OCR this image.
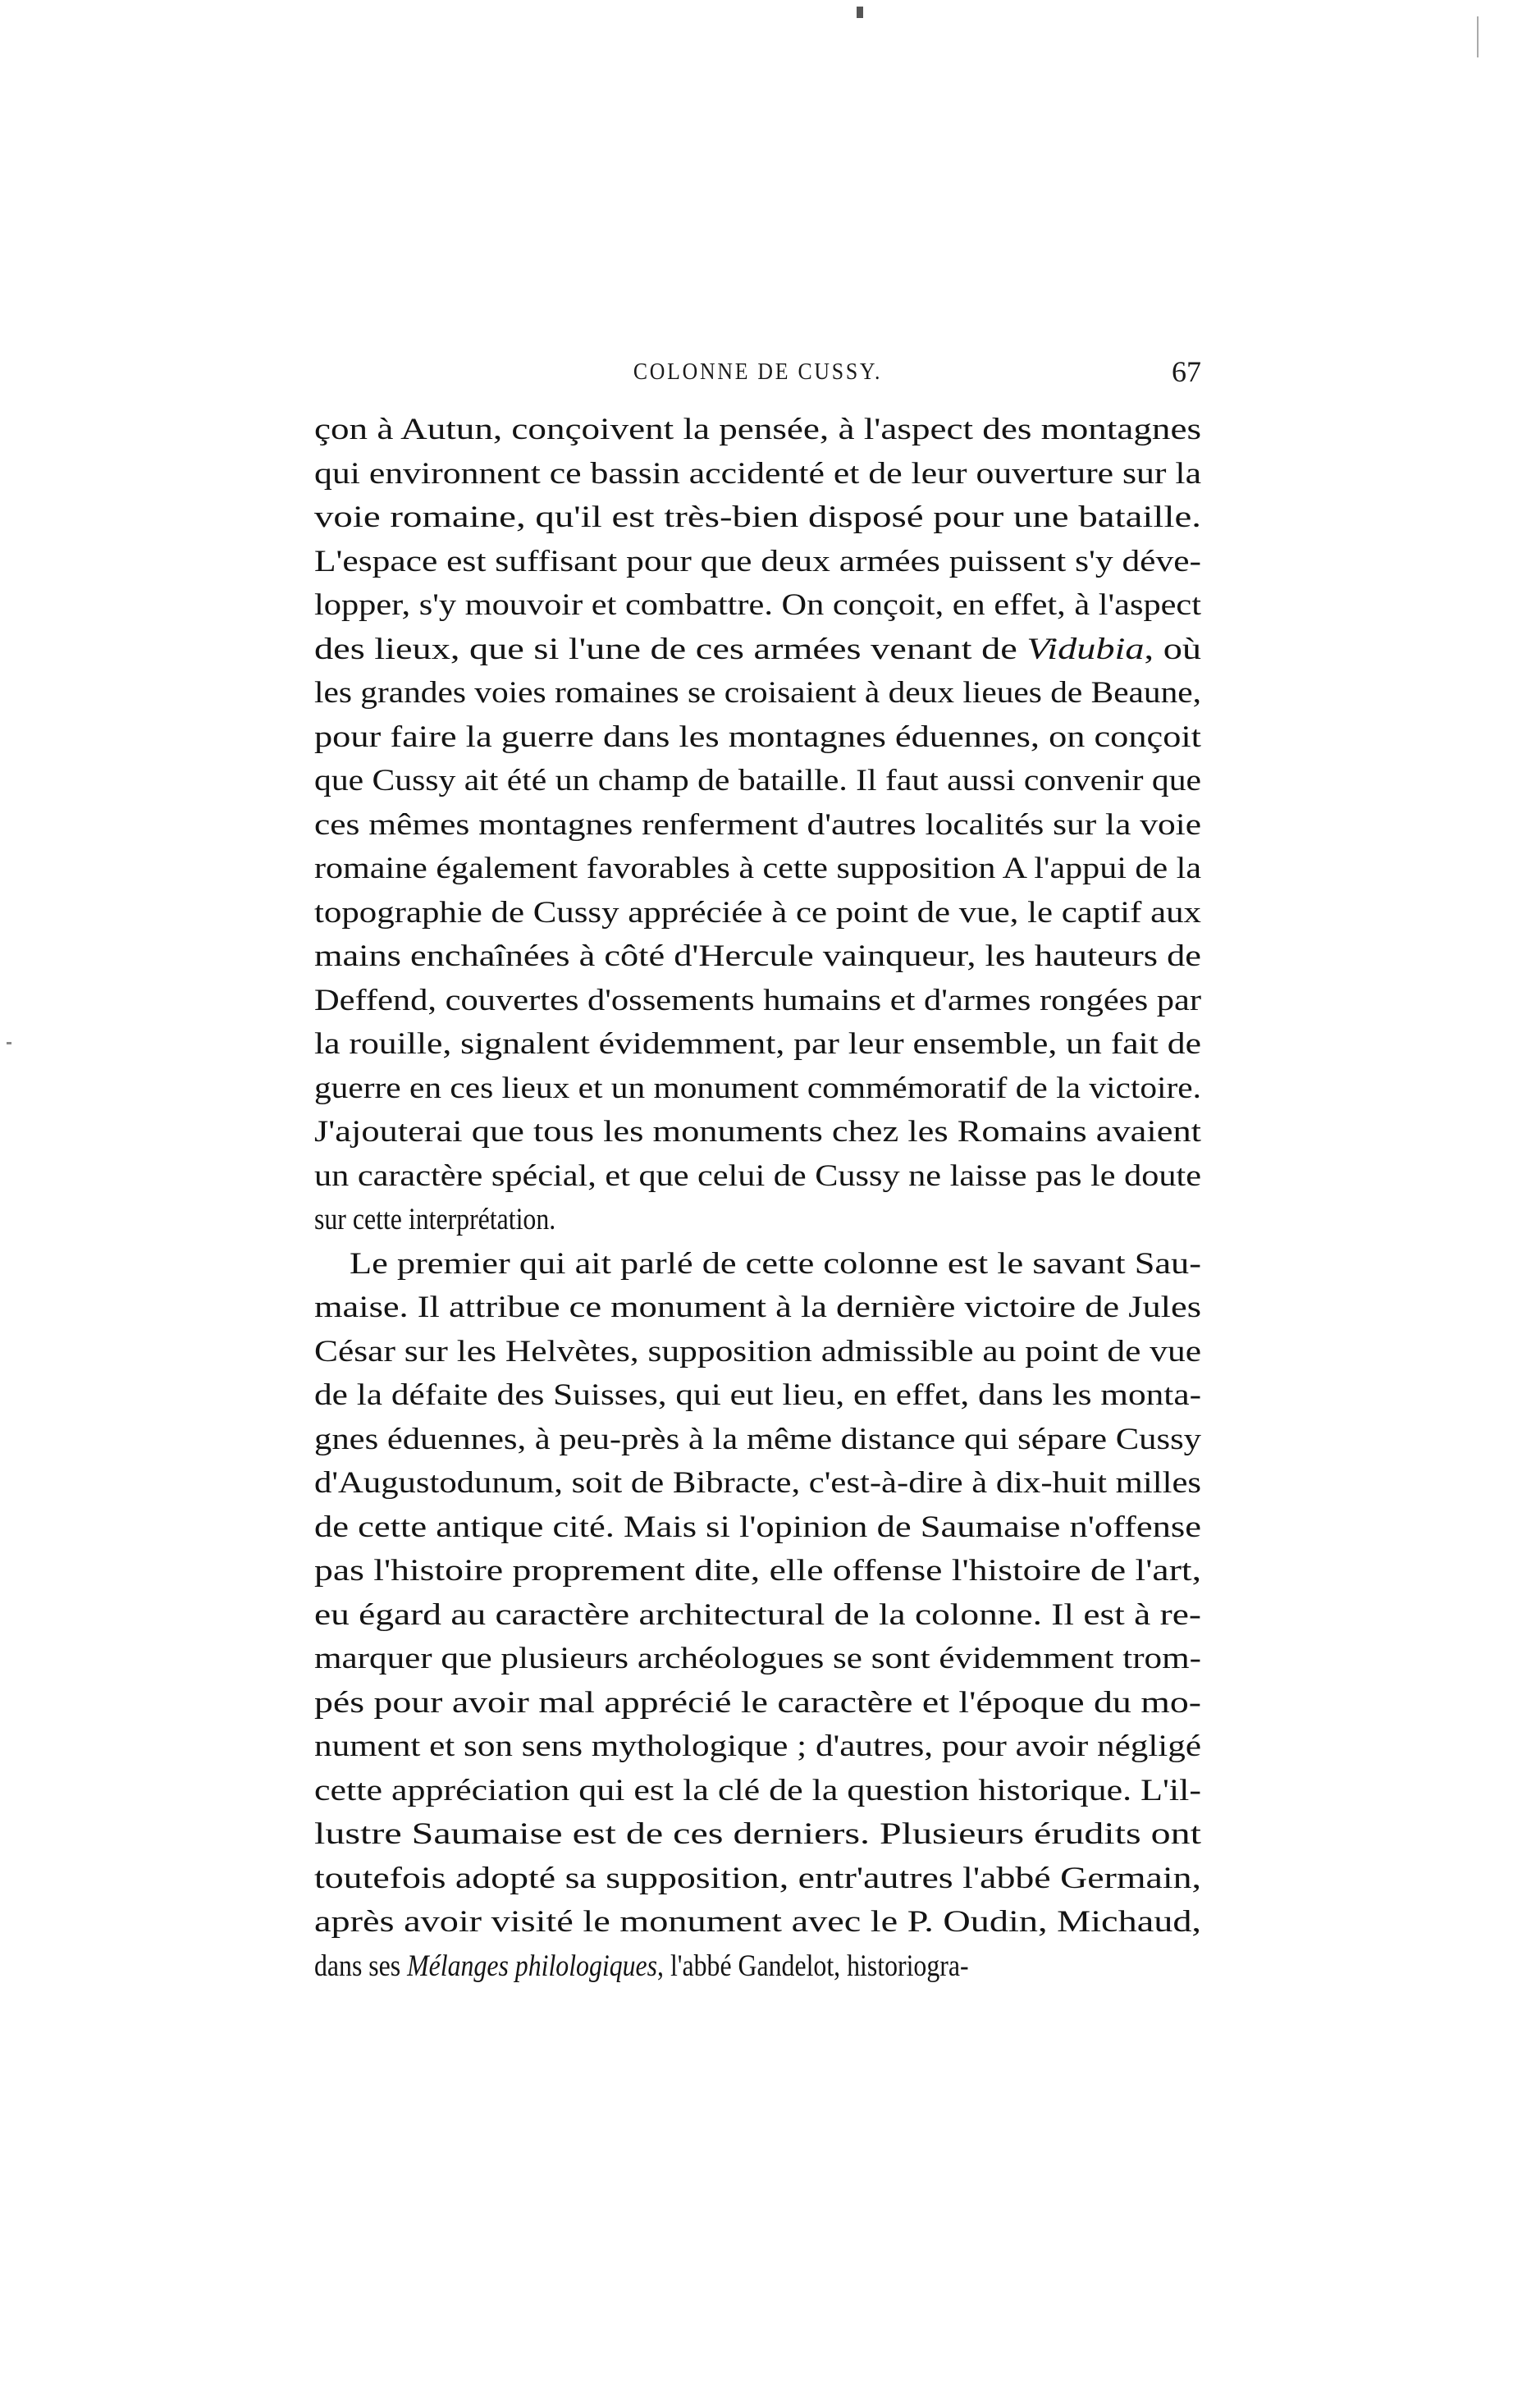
COLONNE DE CUSSY.	67
çon à Autun, conçoivent la pensée, à l'aspect des montagnes
qui environnent ce bassin accidenté et de leur ouverture sur la
voie romaine, qu'il est très-bien disposé pour une bataille.
L'espace est suffisant pour que deux armées puissent s'y déve-
lopper, s'y mouvoir et combattre. On conçoit, en effet, à l'aspect
des lieux, que si l'une de ces armées venant de Vidubia, où
les grandes voies romaines se croisaient à deux lieues de Beaune,
pour faire la guerre dans les montagnes éduennes, on conçoit
que Cussy ait été un champ de bataille. Il faut aussi convenir que
ces mêmes montagnes renferment d'autres localités sur la voie
romaine également favorables à cette supposition A l'appui de la
topographie de Cussy appréciée à ce point de vue, le captif aux
mains enchaînées à côté d'Hercule vainqueur, les hauteurs de
Deffend, couvertes d'ossements humains et d'armes rongées par
la rouille, signalent évidemment, par leur ensemble, un fait de
guerre en ces lieux et un monument commémoratif de la victoire.
J'ajouterai que tous les monuments chez les Romains avaient
un caractère spécial, et que celui de Cussy ne laisse pas le doute
sur cette interprétation.
Le premier qui ait parlé de cette colonne est le savant Sau-
maise. Il attribue ce monument à la dernière victoire de Jules
César sur les Helvètes, supposition admissible au point de vue
de la défaite des Suisses, qui eut lieu, en effet, dans les monta-
gnes éduennes, à peu-près à la même distance qui sépare Cussy
d'Augustodunum, soit de Bibracte, c'est-à-dire à dix-huit milles
de cette antique cité. Mais si l'opinion de Saumaise n'offense
pas l'histoire proprement dite, elle offense l'histoire de l'art,
eu égard au caractère architectural de la colonne. Il est à re-
marquer que plusieurs archéologues se sont évidemment trom-
pés pour avoir mal apprécié le caractère et l'époque du mo-
nument et son sens mythologique ; d'autres, pour avoir négligé
cette appréciation qui est la clé de la question historique. L'il-
lustre Saumaise est de ces derniers. Plusieurs érudits ont
toutefois adopté sa supposition, entr'autres l'abbé Germain,
après avoir visité le monument avec le P. Oudin, Michaud,
dans ses Mélanges philologiques, l'abbé Gandelot, historiogra-
